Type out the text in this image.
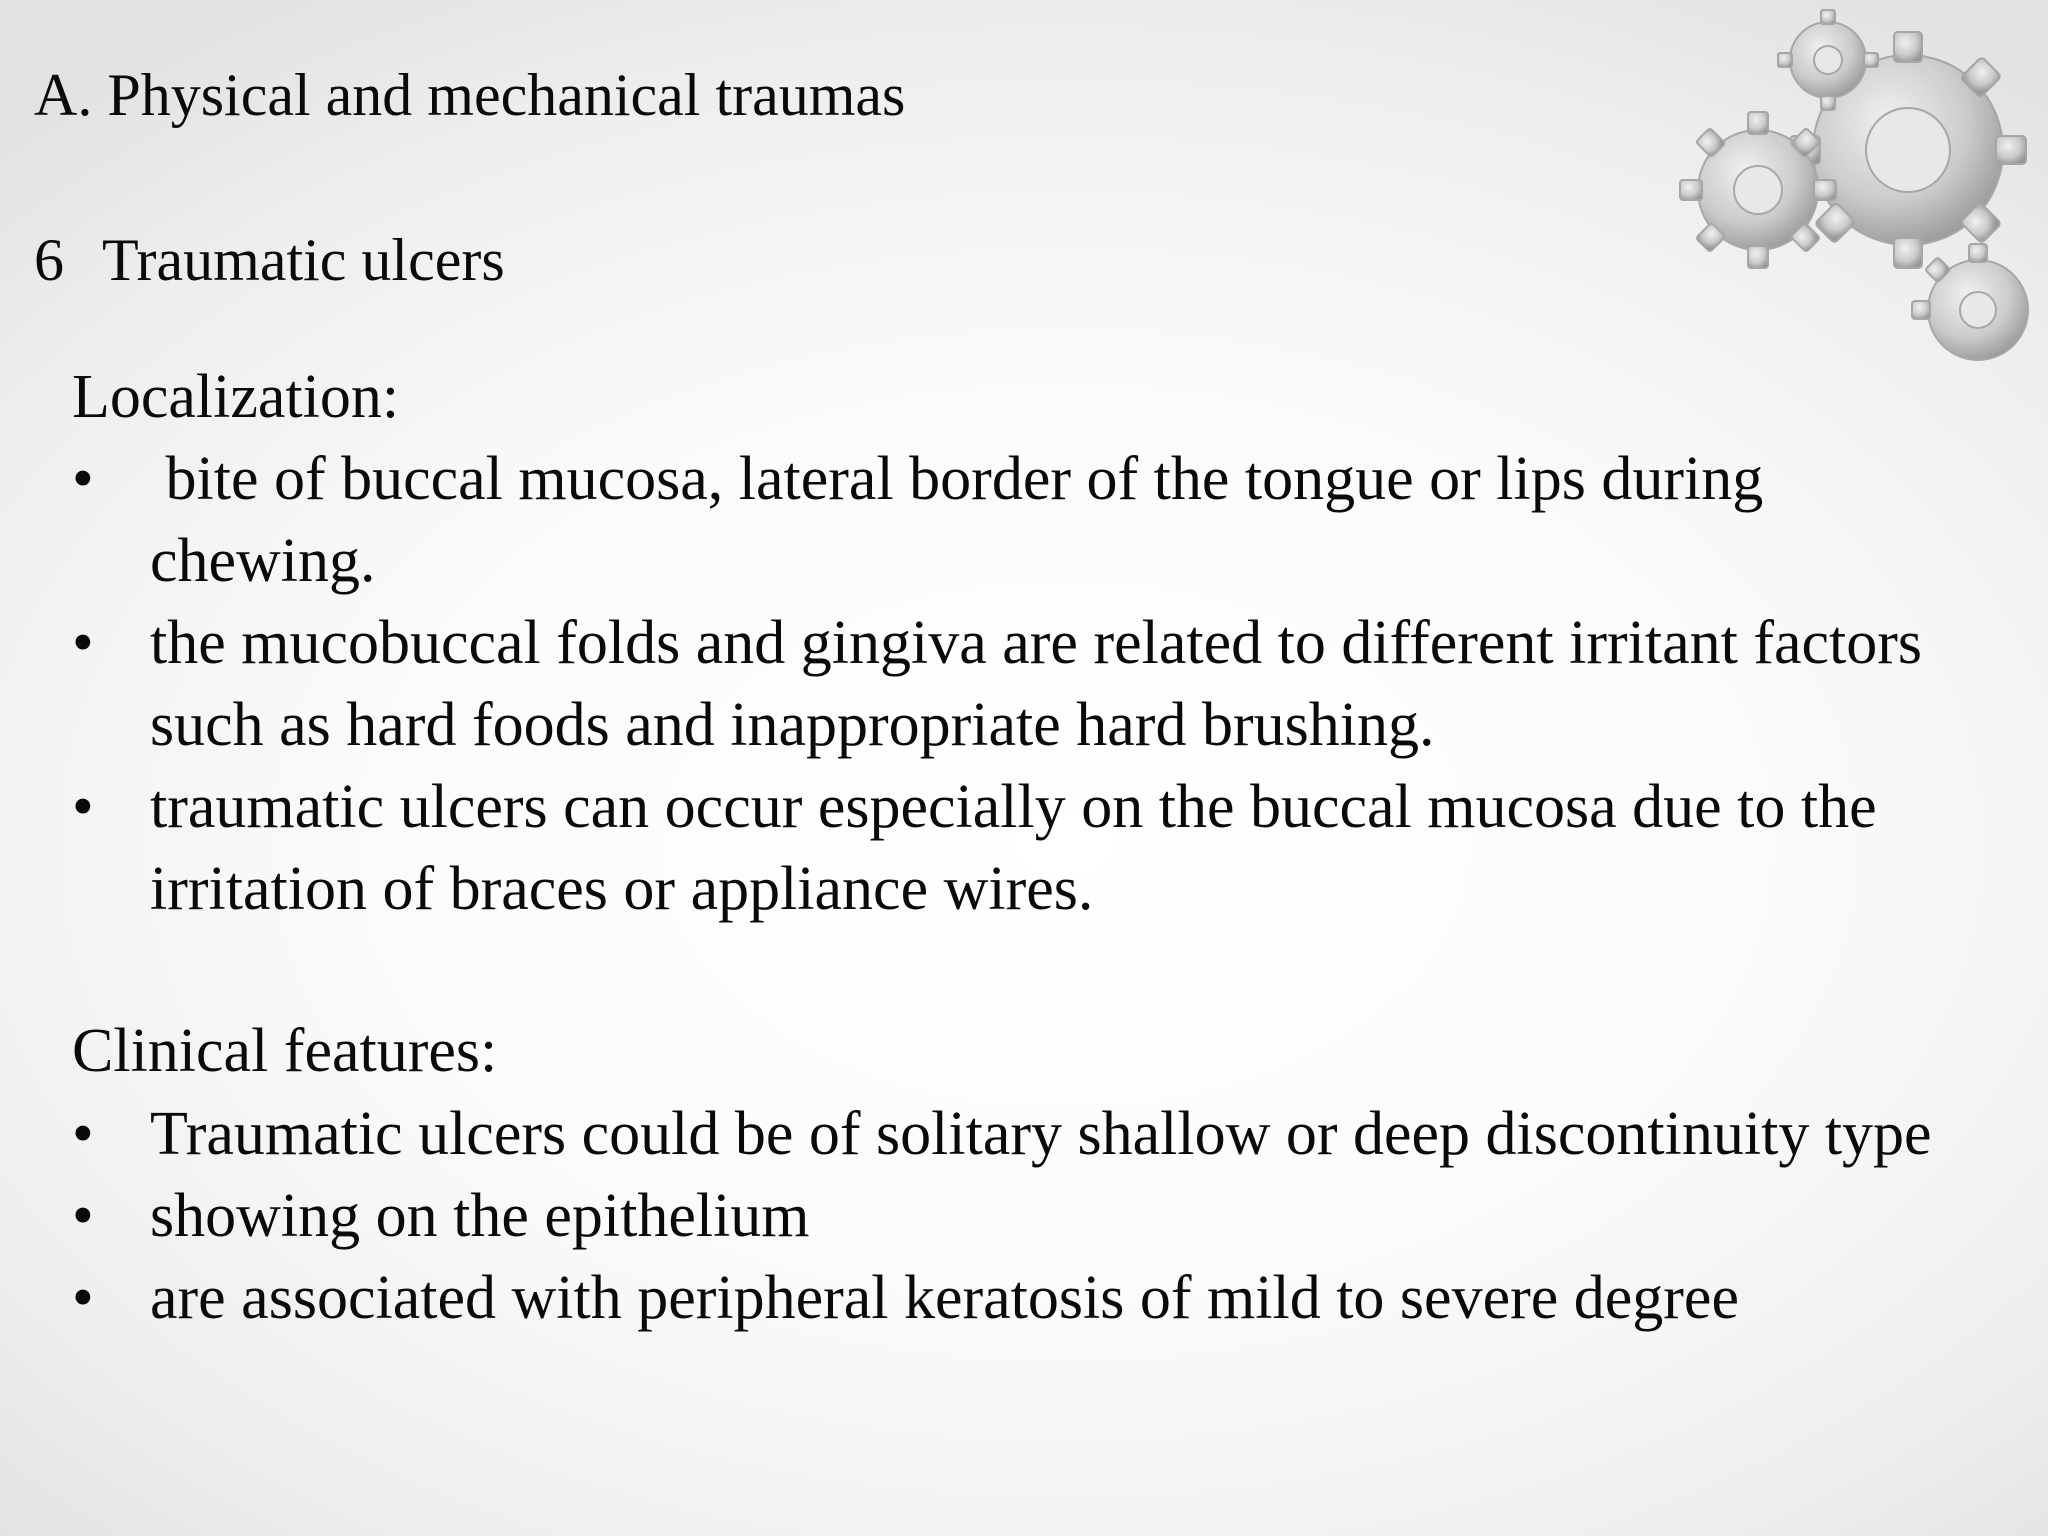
A. Physical and mechanical traumas
6 Traumatic ulcers

Localization:

• bite of buccal mucosa, lateral border of the tongue or lips during chewing.
• the mucobuccal folds and gingiva are related to different irritant factors such as hard foods and inappropriate hard brushing.
• traumatic ulcers can occur especially on the buccal mucosa due to the irritation of braces or appliance wires.

Clinical features:

• Traumatic ulcers could be of solitary shallow or deep discontinuity type
• showing on the epithelium
• are associated with peripheral keratosis of mild to severe degree
